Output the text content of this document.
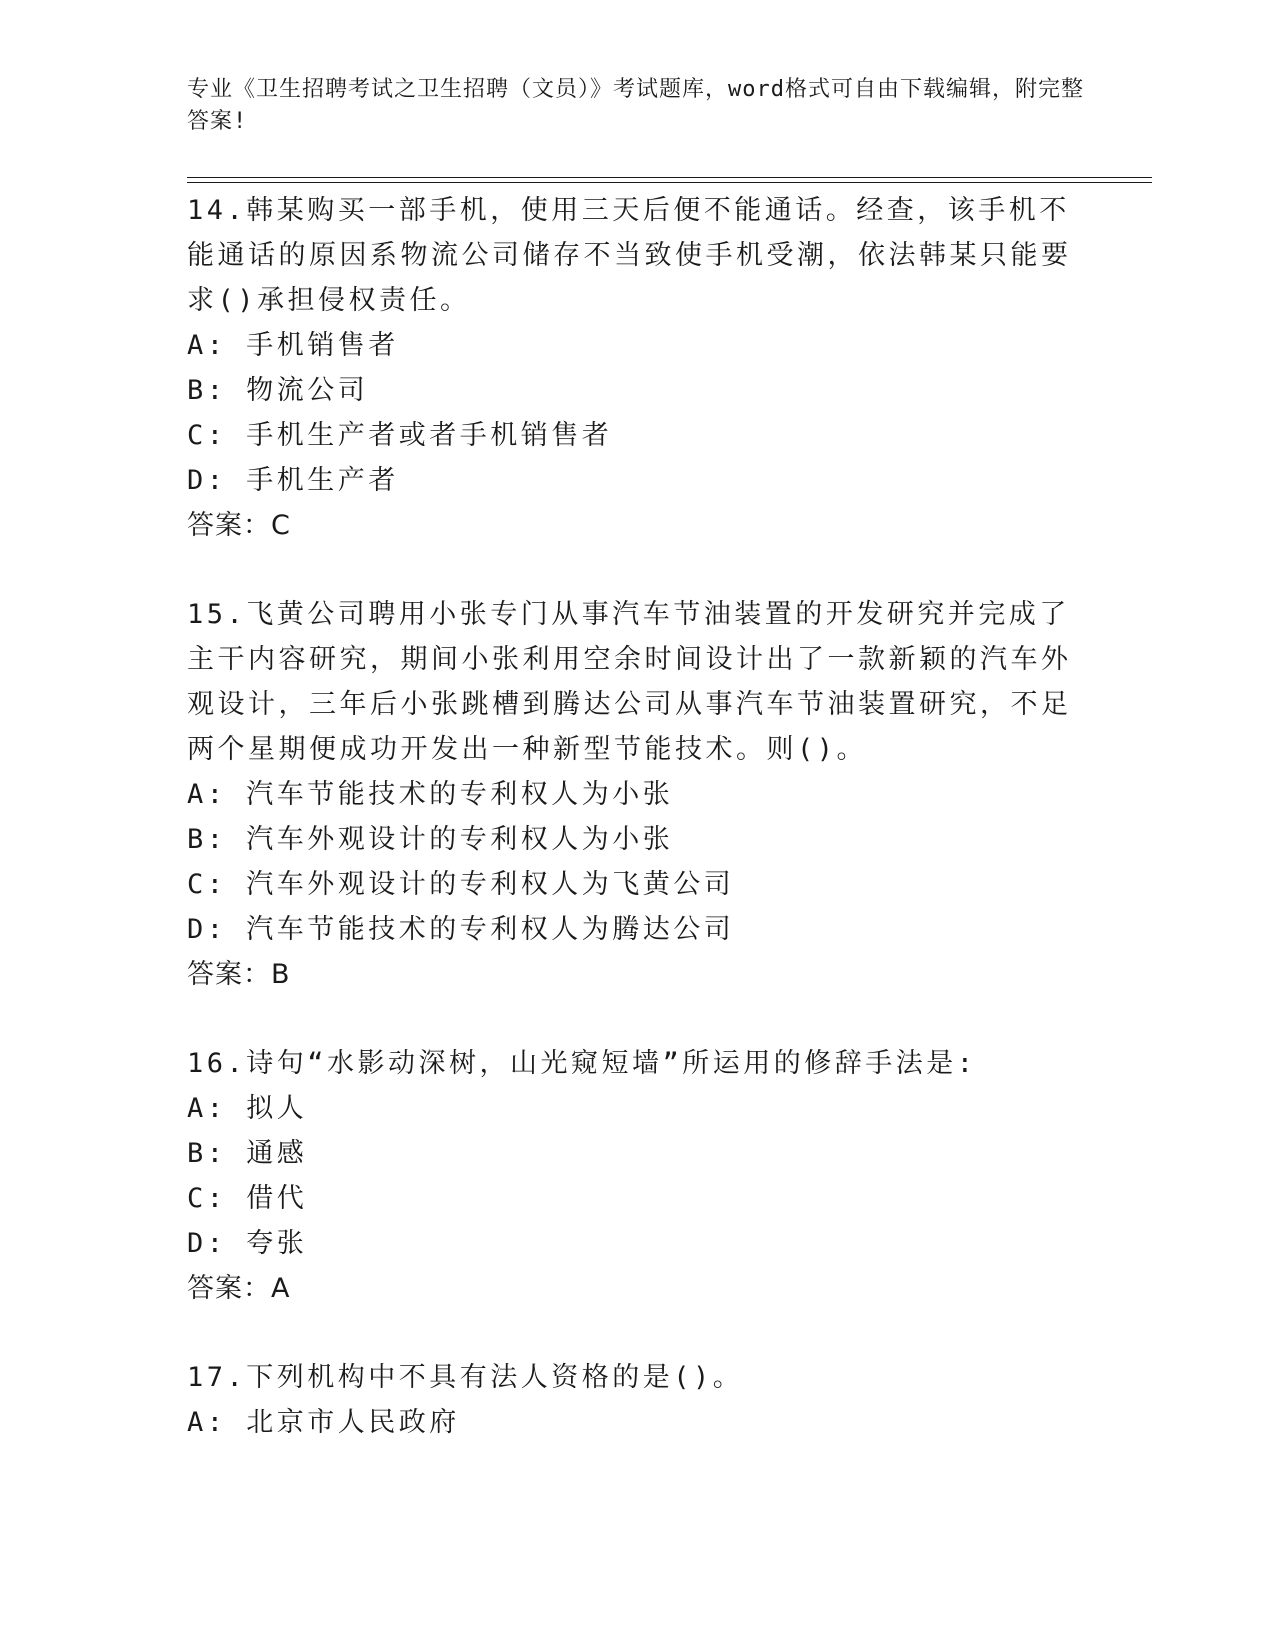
专业《卫生招聘考试之卫生招聘（文员）》考试题库，word格式可自由下载编辑，附完整答案!

14.韩某购买一部手机，使用三天后便不能通话。经查，该手机不能通话的原因系物流公司储存不当致使手机受潮，依法韩某只能要求()承担侵权责任。

A: 手机销售者
B: 物流公司
C: 手机生产者或者手机销售者
D: 手机生产者
答案：C

15.飞黄公司聘用小张专门从事汽车节油装置的开发研究并完成了主干内容研究，期间小张利用空余时间设计出了一款新颖的汽车外观设计，三年后小张跳槽到腾达公司从事汽车节油装置研究，不足两个星期便成功开发出一种新型节能技术。则()。

A: 汽车节能技术的专利权人为小张
B: 汽车外观设计的专利权人为小张
C: 汽车外观设计的专利权人为飞黄公司
D: 汽车节能技术的专利权人为腾达公司
答案：B

16.诗句“水影动深树，山光窥短墙”所运用的修辞手法是:

A: 拟人
B: 通感
C: 借代
D: 夸张
答案：A

17.下列机构中不具有法人资格的是()。

A: 北京市人民政府
